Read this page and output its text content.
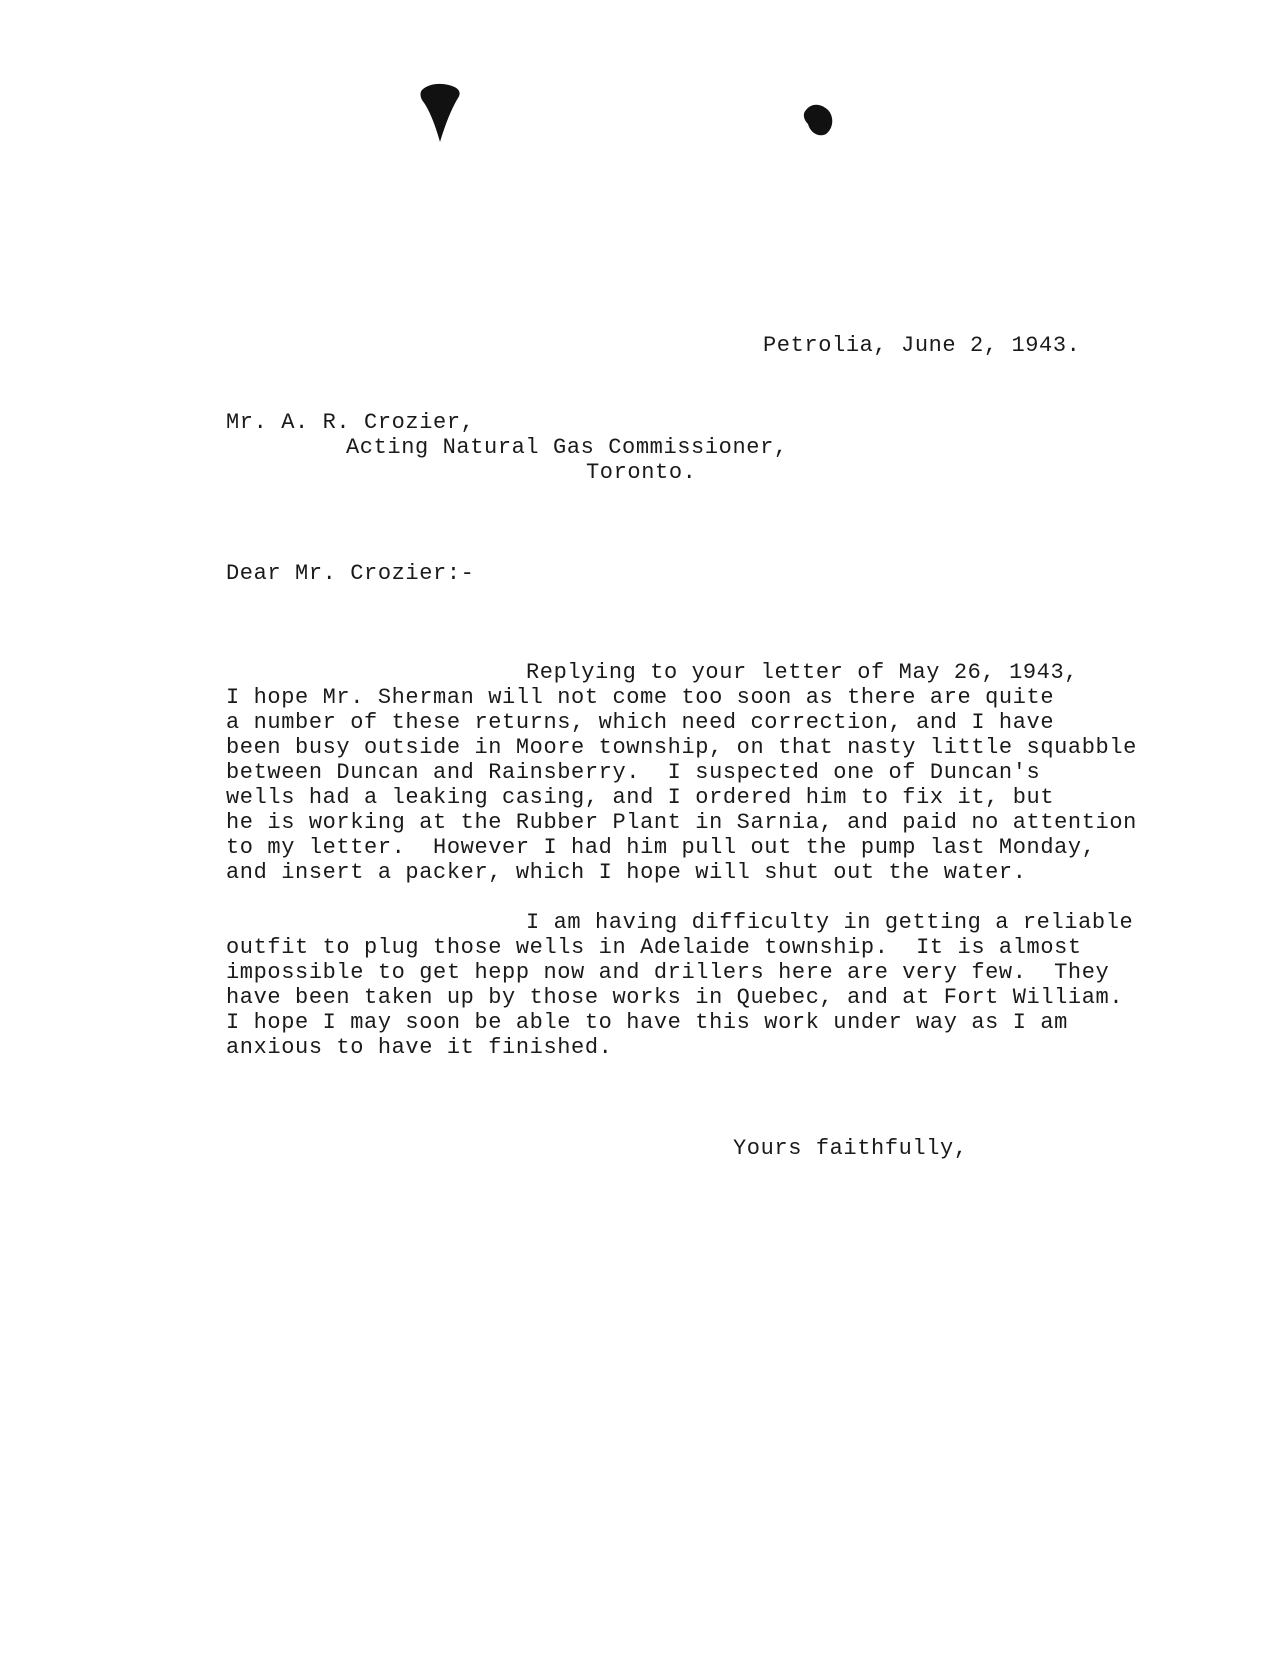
Petrolia, June 2, 1943.

Mr. A. R. Crozier,

Acting Natural Gas Commissioner,

Toronto.

Dear Mr. Crozier:-

Replying to your letter of May 26, 1943,

I hope Mr. Sherman will not come too soon as there are quite

a number of these returns, which need correction, and I have

been busy outside in Moore township, on that nasty little squabble

between Duncan and Rainsberry.  I suspected one of Duncan's

wells had a leaking casing, and I ordered him to fix it, but

he is working at the Rubber Plant in Sarnia, and paid no attention

to my letter.  However I had him pull out the pump last Monday,

and insert a packer, which I hope will shut out the water.

I am having difficulty in getting a reliable

outfit to plug those wells in Adelaide township.  It is almost

impossible to get hepp now and drillers here are very few.  They

have been taken up by those works in Quebec, and at Fort William.

I hope I may soon be able to have this work under way as I am

anxious to have it finished.

Yours faithfully,
